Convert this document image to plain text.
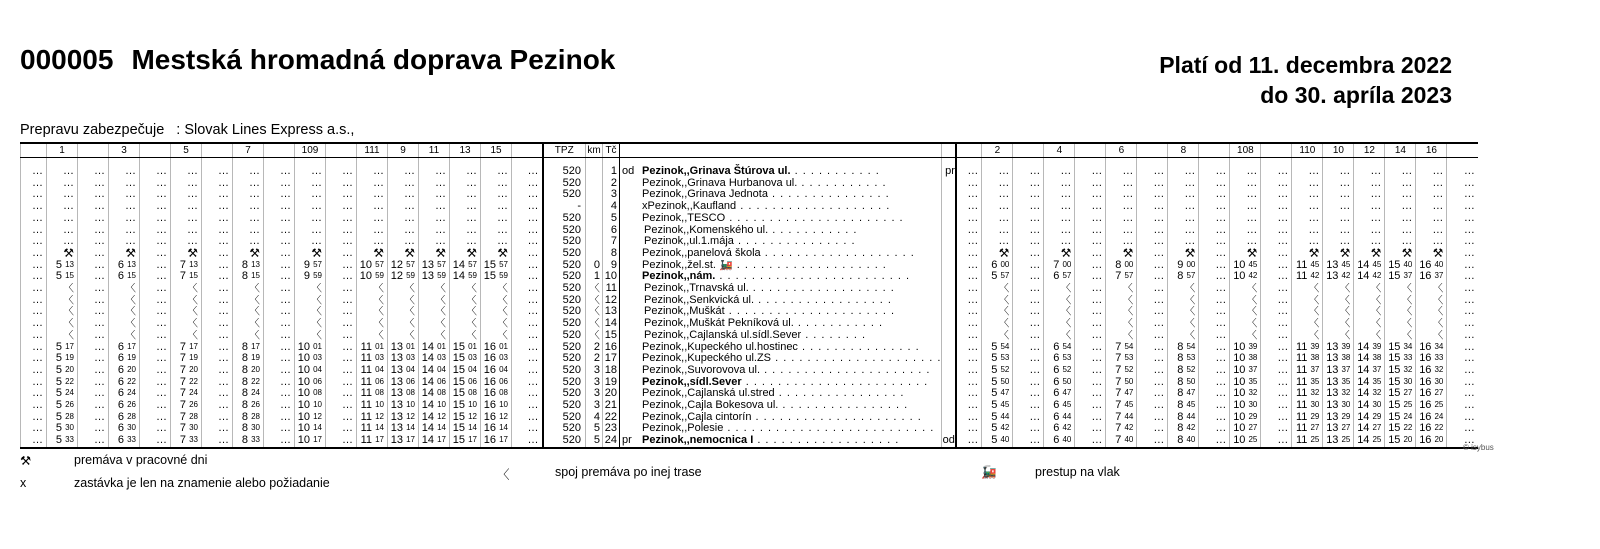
000005 Mestská hromadná doprava Pezinok	Platí od 11. decembra 2022
do 30. apríla 2023
Prepravu zabezpečuje : Slovak Lines Express a.s.,
	1		3		5		7		109		111	9	11	13	15		TPZ	km	Tč				2		4		6		8		108		110	10	12	14	16	
…	…	…	…	…	…	…	…	…	…	…	…	…	…	…	…	…	520		1	od Pezinok,,Grinava Štúrova ul. . . . . . . . . . . .	pr	…	…	…	…	…	…	…	…	…	…	…	…	…	…	…	…	…
…	…	…	…	…	…	…	…	…	…	…	…	…	…	…	…	…	520		2	Pezinok,,Grinava Hurbanova ul. . . . . . . . . . . .		…	…	…	…	…	…	…	…	…	…	…	…	…	…	…	…	…
…	…	…	…	…	…	…	…	…	…	…	…	…	…	…	…	…	520		3	Pezinok,,Grinava Jednota . . . . . . . . . . . . . . .		…	…	…	…	…	…	…	…	…	…	…	…	…	…	…	…	…
…	…	…	…	…	…	…	…	…	…	…	…	…	…	…	…	…	-		4	xPezinok,,Kaufland . . . . . . . . . . . . . . . . . . .		…	…	…	…	…	…	…	…	…	…	…	…	…	…	…	…	…
…	…	…	…	…	…	…	…	…	…	…	…	…	…	…	…	…	520		5	Pezinok,,TESCO . . . . . . . . . . . . . . . . . . . . . .		…	…	…	…	…	…	…	…	…	…	…	…	…	…	…	…	…
…	…	…	…	…	…	…	…	…	…	…	…	…	…	…	…	…	520		6	Pezinok,,Komenského ul. . . . . . . . . . . .		…	…	…	…	…	…	…	…	…	…	…	…	…	…	…	…	…
…	…	…	…	…	…	…	…	…	…	…	…	…	…	…	…	…	520		7	Pezinok,,ul.1.mája . . . . . . . . . . . . . . .		…	…	…	…	…	…	…	…	…	…	…	…	…	…	…	…	…
…	⚒	…	⚒	…	⚒	…	⚒	…	⚒	…	⚒	⚒	⚒	⚒	⚒	…	520		8	Pezinok,,panelová škola . . . . . . . . . . . . . . . . . . .		…	⚒	…	⚒	…	⚒	…	⚒	…	⚒	…	⚒	⚒	⚒	⚒	⚒	…
…	5 $^{13}$	…	6 $^{13}$	…	7 $^{13}$	…	8 $^{13}$	…	9 $^{57}$	…	10 $^{57}$	12 $^{57}$	13 $^{57}$	14 $^{57}$	15 $^{57}$	…	520	0	9	Pezinok,,žel.st. 🚂 . . . . . . . . . . . . . . . . . . .		…	6 $^{00}$	…	7 $^{00}$	…	8 $^{00}$	…	9 $^{00}$	…	10 $^{45}$	…	11 $^{45}$	13 $^{45}$	14 $^{45}$	15 $^{40}$	16 $^{40}$	…
…	5 $^{15}$	…	6 $^{15}$	…	7 $^{15}$	…	8 $^{15}$	…	9 $^{59}$	…	10 $^{59}$	12 $^{59}$	13 $^{59}$	14 $^{59}$	15 $^{59}$	…	520	1	10	Pezinok,,nám. . . . . . . . . . . . . . . . . . . . . . . . .		…	5 $^{57}$	…	6 $^{57}$	…	7 $^{57}$	…	8 $^{57}$	…	10 $^{42}$	…	11 $^{42}$	13 $^{42}$	14 $^{42}$	15 $^{37}$	16 $^{37}$	…
…	〈	…	〈	…	〈	…	〈	…	〈	…	〈	〈	〈	〈	〈	…	520	〈	11	Pezinok,,Trnavská ul. . . . . . . . . . . . . . . . . . .		…	〈	…	〈	…	〈	…	〈	…	〈	…	〈	〈	〈	〈	〈	…
…	〈	…	〈	…	〈	…	〈	…	〈	…	〈	〈	〈	〈	〈	…	520	〈	12	Pezinok,,Šenkvická ul. . . . . . . . . . . . . . . . . .		…	〈	…	〈	…	〈	…	〈	…	〈	…	〈	〈	〈	〈	〈	…
…	〈	…	〈	…	〈	…	〈	…	〈	…	〈	〈	〈	〈	〈	…	520	〈	13	Pezinok,,Muškát . . . . . . . . . . . . . . . . . . . . .		…	〈	…	〈	…	〈	…	〈	…	〈	…	〈	〈	〈	〈	〈	…
…	〈	…	〈	…	〈	…	〈	…	〈	…	〈	〈	〈	〈	〈	…	520	〈	14	Pezinok,,Muškát Pekníková ul. . . . . . . . . . . .		…	〈	…	〈	…	〈	…	〈	…	〈	…	〈	〈	〈	〈	〈	…
…	〈	…	〈	…	〈	…	〈	…	〈	…	〈	〈	〈	〈	〈	…	520	〈	15	Pezinok,,Cajlanská ul.sídl.Sever . . . . . . . .		…	〈	…	〈	…	〈	…	〈	…	〈	…	〈	〈	〈	〈	〈	…
…	5 $^{17}$	…	6 $^{17}$	…	7 $^{17}$	…	8 $^{17}$	…	10 $^{01}$	…	11 $^{01}$	13 $^{01}$	14 $^{01}$	15 $^{01}$	16 $^{01}$	…	520	2	16	Pezinok,,Kupeckého ul.hostinec . . . . . . . . . . . . . . .		…	5 $^{54}$	…	6 $^{54}$	…	7 $^{54}$	…	8 $^{54}$	…	10 $^{39}$	…	11 $^{39}$	13 $^{39}$	14 $^{39}$	15 $^{34}$	16 $^{34}$	…
…	5 $^{19}$	…	6 $^{19}$	…	7 $^{19}$	…	8 $^{19}$	…	10 $^{03}$	…	11 $^{03}$	13 $^{03}$	14 $^{03}$	15 $^{03}$	16 $^{03}$	…	520	2	17	Pezinok,,Kupeckého ul.ZŠ . . . . . . . . . . . . . . . . . . . . .		…	5 $^{53}$	…	6 $^{53}$	…	7 $^{53}$	…	8 $^{53}$	…	10 $^{38}$	…	11 $^{38}$	13 $^{38}$	14 $^{38}$	15 $^{33}$	16 $^{33}$	…
…	5 $^{20}$	…	6 $^{20}$	…	7 $^{20}$	…	8 $^{20}$	…	10 $^{04}$	…	11 $^{04}$	13 $^{04}$	14 $^{04}$	15 $^{04}$	16 $^{04}$	…	520	3	18	Pezinok,,Suvorovova ul. . . . . . . . . . . . . . . . . . . . . .		…	5 $^{52}$	…	6 $^{52}$	…	7 $^{52}$	…	8 $^{52}$	…	10 $^{37}$	…	11 $^{37}$	13 $^{37}$	14 $^{37}$	15 $^{32}$	16 $^{32}$	…
…	5 $^{22}$	…	6 $^{22}$	…	7 $^{22}$	…	8 $^{22}$	…	10 $^{06}$	…	11 $^{06}$	13 $^{06}$	14 $^{06}$	15 $^{06}$	16 $^{06}$	…	520	3	19	Pezinok,,sídl.Sever . . . . . . . . . . . . . . . . . . . . . . .		…	5 $^{50}$	…	6 $^{50}$	…	7 $^{50}$	…	8 $^{50}$	…	10 $^{35}$	…	11 $^{35}$	13 $^{35}$	14 $^{35}$	15 $^{30}$	16 $^{30}$	…
…	5 $^{24}$	…	6 $^{24}$	…	7 $^{24}$	…	8 $^{24}$	…	10 $^{08}$	…	11 $^{08}$	13 $^{08}$	14 $^{08}$	15 $^{08}$	16 $^{08}$	…	520	3	20	Pezinok,,Cajlanská ul.stred . . . . . . . . . . . . . . . .		…	5 $^{47}$	…	6 $^{47}$	…	7 $^{47}$	…	8 $^{47}$	…	10 $^{32}$	…	11 $^{32}$	13 $^{32}$	14 $^{32}$	15 $^{27}$	16 $^{27}$	…
…	5 $^{26}$	…	6 $^{26}$	…	7 $^{26}$	…	8 $^{26}$	…	10 $^{10}$	…	11 $^{10}$	13 $^{10}$	14 $^{10}$	15 $^{10}$	16 $^{10}$	…	520	3	21	Pezinok,,Cajla Bokesova ul. . . . . . . . . . . . . . . . .		…	5 $^{45}$	…	6 $^{45}$	…	7 $^{45}$	…	8 $^{45}$	…	10 $^{30}$	…	11 $^{30}$	13 $^{30}$	14 $^{30}$	15 $^{25}$	16 $^{25}$	…
…	5 $^{28}$	…	6 $^{28}$	…	7 $^{28}$	…	8 $^{28}$	…	10 $^{12}$	…	11 $^{12}$	13 $^{12}$	14 $^{12}$	15 $^{12}$	16 $^{12}$	…	520	4	22	Pezinok,,Cajla cintorín . . . . . . . . . . . . . . . . . . . . .		…	5 $^{44}$	…	6 $^{44}$	…	7 $^{44}$	…	8 $^{44}$	…	10 $^{29}$	…	11 $^{29}$	13 $^{29}$	14 $^{29}$	15 $^{24}$	16 $^{24}$	…
…	5 $^{30}$	…	6 $^{30}$	…	7 $^{30}$	…	8 $^{30}$	…	10 $^{14}$	…	11 $^{14}$	13 $^{14}$	14 $^{14}$	15 $^{14}$	16 $^{14}$	…	520	5	23	Pezinok,,Polesie . . . . . . . . . . . . . . . . . . . . . . . . . .		…	5 $^{42}$	…	6 $^{42}$	…	7 $^{42}$	…	8 $^{42}$	…	10 $^{27}$	…	11 $^{27}$	13 $^{27}$	14 $^{27}$	15 $^{22}$	16 $^{22}$	…
…	5 $^{33}$	…	6 $^{33}$	…	7 $^{33}$	…	8 $^{33}$	…	10 $^{17}$	…	11 $^{17}$	13 $^{17}$	14 $^{17}$	15 $^{17}$	16 $^{17}$	…	520	5	24	pr Pezinok,,nemocnica I . . . . . . . . . . . . . . . . . .	od	…	5 $^{40}$	…	6 $^{40}$	…	7 $^{40}$	…	8 $^{40}$	…	10 $^{25}$	…	11 $^{25}$	13 $^{25}$	14 $^{25}$	15 $^{20}$	16 $^{20}$	…
© isybus
⚒	premáva v pracovné dni
x	zastávka je len na znamenie alebo požiadanie
〈	spoj premáva po inej trase	🚂	prestup na vlak
